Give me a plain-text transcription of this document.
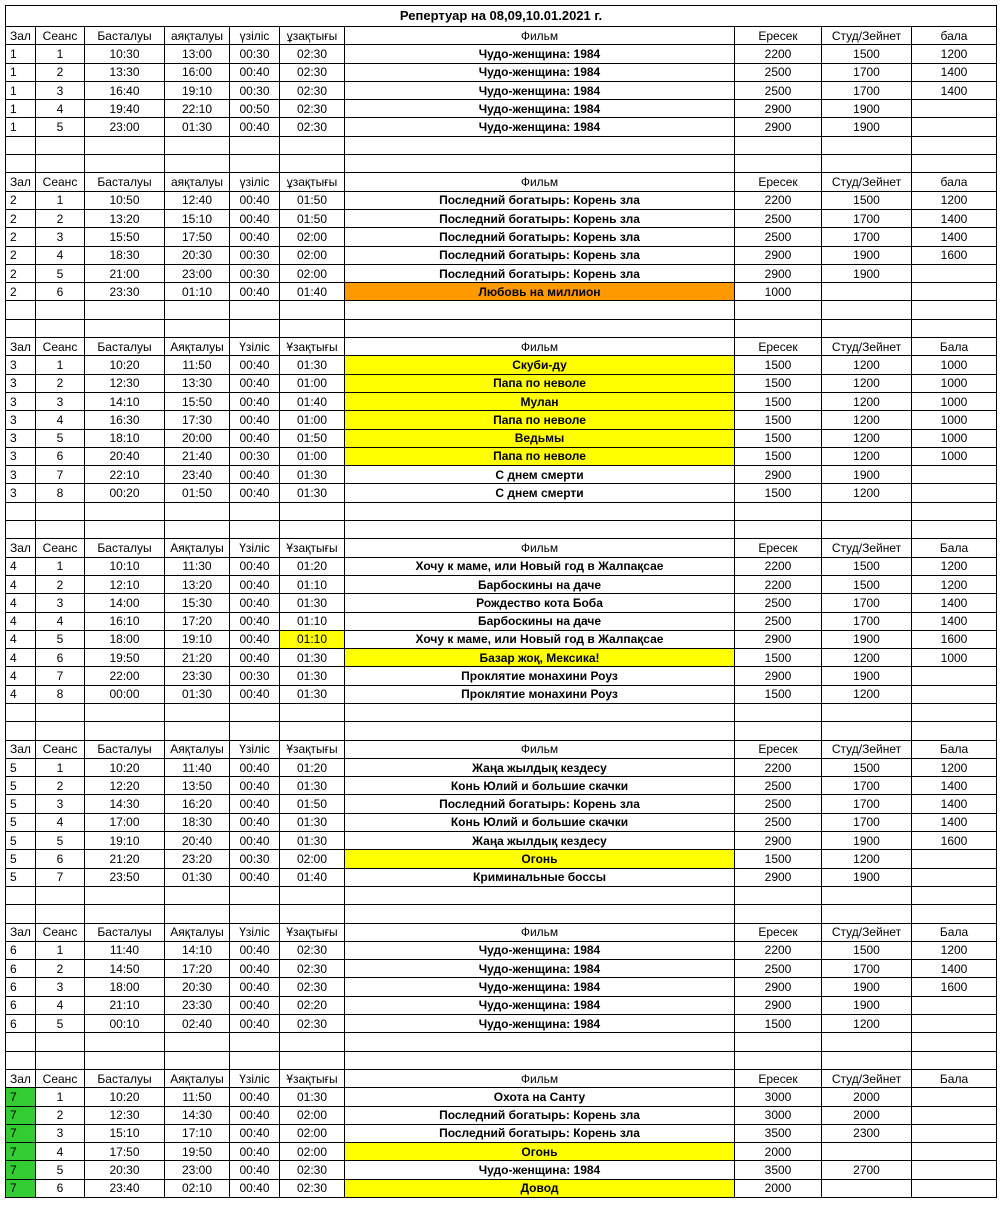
Репертуар на 08,09,10.01.2021 г.									
Зал	Сеанс	Басталуы	аяқталуы	үзіліс	ұзақтығы	Фильм	Ересек	Студ/Зейнет	бала
1	1	10:30	13:00	00:30	02:30	Чудо-женщина: 1984	2200	1500	1200
1	2	13:30	16:00	00:40	02:30	Чудо-женщина: 1984	2500	1700	1400
1	3	16:40	19:10	00:30	02:30	Чудо-женщина: 1984	2500	1700	1400
1	4	19:40	22:10	00:50	02:30	Чудо-женщина: 1984	2900	1900	
1	5	23:00	01:30	00:40	02:30	Чудо-женщина: 1984	2900	1900	

Зал	Сеанс	Басталуы	аяқталуы	үзіліс	ұзақтығы	Фильм	Ересек	Студ/Зейнет	бала
2	1	10:50	12:40	00:40	01:50	Последний богатырь: Корень зла	2200	1500	1200
2	2	13:20	15:10	00:40	01:50	Последний богатырь: Корень зла	2500	1700	1400
2	3	15:50	17:50	00:40	02:00	Последний богатырь: Корень зла	2500	1700	1400
2	4	18:30	20:30	00:30	02:00	Последний богатырь: Корень зла	2900	1900	1600
2	5	21:00	23:00	00:30	02:00	Последний богатырь: Корень зла	2900	1900	
2	6	23:30	01:10	00:40	01:40	Любовь на миллион	1000		

Зал	Сеанс	Басталуы	Аяқталуы	Үзіліс	Ұзақтығы	Фильм	Ересек	Студ/Зейнет	Бала
3	1	10:20	11:50	00:40	01:30	Скуби-ду	1500	1200	1000
3	2	12:30	13:30	00:40	01:00	Папа по неволе	1500	1200	1000
3	3	14:10	15:50	00:40	01:40	Мулан	1500	1200	1000
3	4	16:30	17:30	00:40	01:00	Папа по неволе	1500	1200	1000
3	5	18:10	20:00	00:40	01:50	Ведьмы	1500	1200	1000
3	6	20:40	21:40	00:30	01:00	Папа по неволе	1500	1200	1000
3	7	22:10	23:40	00:40	01:30	С днем смерти	2900	1900	
3	8	00:20	01:50	00:40	01:30	С днем смерти	1500	1200	

Зал	Сеанс	Басталуы	Аяқталуы	Үзіліс	Ұзақтығы	Фильм	Ересек	Студ/Зейнет	Бала
4	1	10:10	11:30	00:40	01:20	Хочу к маме, или Новый год в Жалпақсае	2200	1500	1200
4	2	12:10	13:20	00:40	01:10	Барбоскины на даче	2200	1500	1200
4	3	14:00	15:30	00:40	01:30	Рождество кота Боба	2500	1700	1400
4	4	16:10	17:20	00:40	01:10	Барбоскины на даче	2500	1700	1400
4	5	18:00	19:10	00:40	01:10	Хочу к маме, или Новый год в Жалпақсае	2900	1900	1600
4	6	19:50	21:20	00:40	01:30	Базар жоқ, Мексика!	1500	1200	1000
4	7	22:00	23:30	00:30	01:30	Проклятие монахини Роуз	2900	1900	
4	8	00:00	01:30	00:40	01:30	Проклятие монахини Роуз	1500	1200	

Зал	Сеанс	Басталуы	Аяқталуы	Үзіліс	Ұзақтығы	Фильм	Ересек	Студ/Зейнет	Бала
5	1	10:20	11:40	00:40	01:20	Жаңа жылдық кездесу	2200	1500	1200
5	2	12:20	13:50	00:40	01:30	Конь Юлий и большие скачки	2500	1700	1400
5	3	14:30	16:20	00:40	01:50	Последний богатырь: Корень зла	2500	1700	1400
5	4	17:00	18:30	00:40	01:30	Конь Юлий и большие скачки	2500	1700	1400
5	5	19:10	20:40	00:40	01:30	Жаңа жылдық кездесу	2900	1900	1600
5	6	21:20	23:20	00:30	02:00	Огонь	1500	1200	
5	7	23:50	01:30	00:40	01:40	Криминальные боссы	2900	1900	

Зал	Сеанс	Басталуы	Аяқталуы	Үзіліс	Ұзақтығы	Фильм	Ересек	Студ/Зейнет	Бала
6	1	11:40	14:10	00:40	02:30	Чудо-женщина: 1984	2200	1500	1200
6	2	14:50	17:20	00:40	02:30	Чудо-женщина: 1984	2500	1700	1400
6	3	18:00	20:30	00:40	02:30	Чудо-женщина: 1984	2900	1900	1600
6	4	21:10	23:30	00:40	02:20	Чудо-женщина: 1984	2900	1900	
6	5	00:10	02:40	00:40	02:30	Чудо-женщина: 1984	1500	1200	

Зал	Сеанс	Басталуы	Аяқталуы	Үзіліс	Ұзақтығы	Фильм	Ересек	Студ/Зейнет	Бала
7	1	10:20	11:50	00:40	01:30	Охота на Санту	3000	2000	
7	2	12:30	14:30	00:40	02:00	Последний богатырь: Корень зла	3000	2000	
7	3	15:10	17:10	00:40	02:00	Последний богатырь: Корень зла	3500	2300	
7	4	17:50	19:50	00:40	02:00	Огонь	2000		
7	5	20:30	23:00	00:40	02:30	Чудо-женщина: 1984	3500	2700	
7	6	23:40	02:10	00:40	02:30	Довод	2000		
